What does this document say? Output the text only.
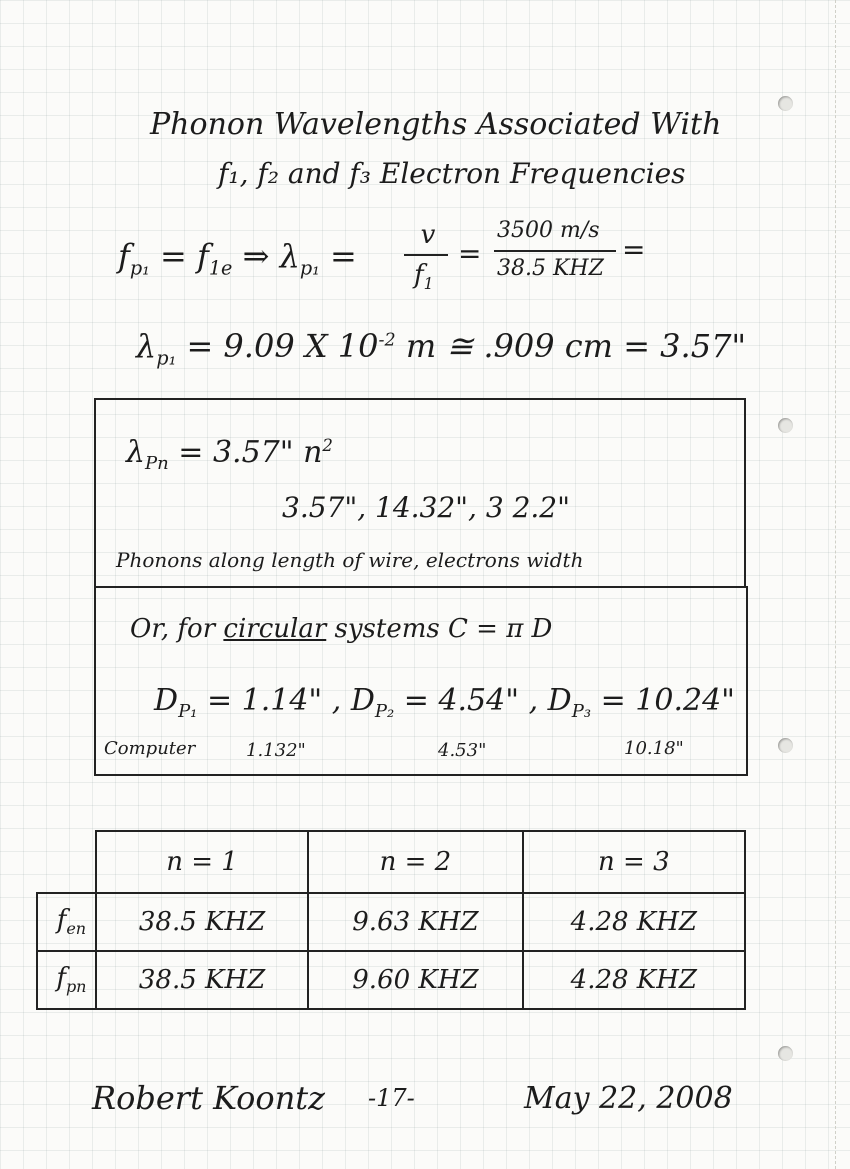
Phonon Wavelengths Associated With
f₁, f₂ and f₃ Electron Frequencies
$f_{p_1} = f_{1e}$ ⇒ $\lambda_{p_1}$ =
v
$f_1$
=
3500 m/s
38.5 KHZ
=
$\lambda_{p_1} = 9.09$ X $10^{-2}$ m ≅ .909 cm = 3.57"
$\lambda_{Pn} = 3.57$" $n^2$
3.57", 14.32", 3 2.2"
Phonons along length of wire, electrons width
Or, for circular systems C = π D
$D_{P_1} = 1.14$" , $D_{P_2} = 4.54$" , $D_{P_3} = 10.24$"
Computer	1.132"	4.53"	10.18"
	n = 1	n = 2	n = 3
$f_{en}$	38.5 KHZ	9.63 KHZ	4.28 KHZ
$f_{pn}$	38.5 KHZ	9.60 KHZ	4.28 KHZ
Robert Koontz -17-	May 22, 2008
